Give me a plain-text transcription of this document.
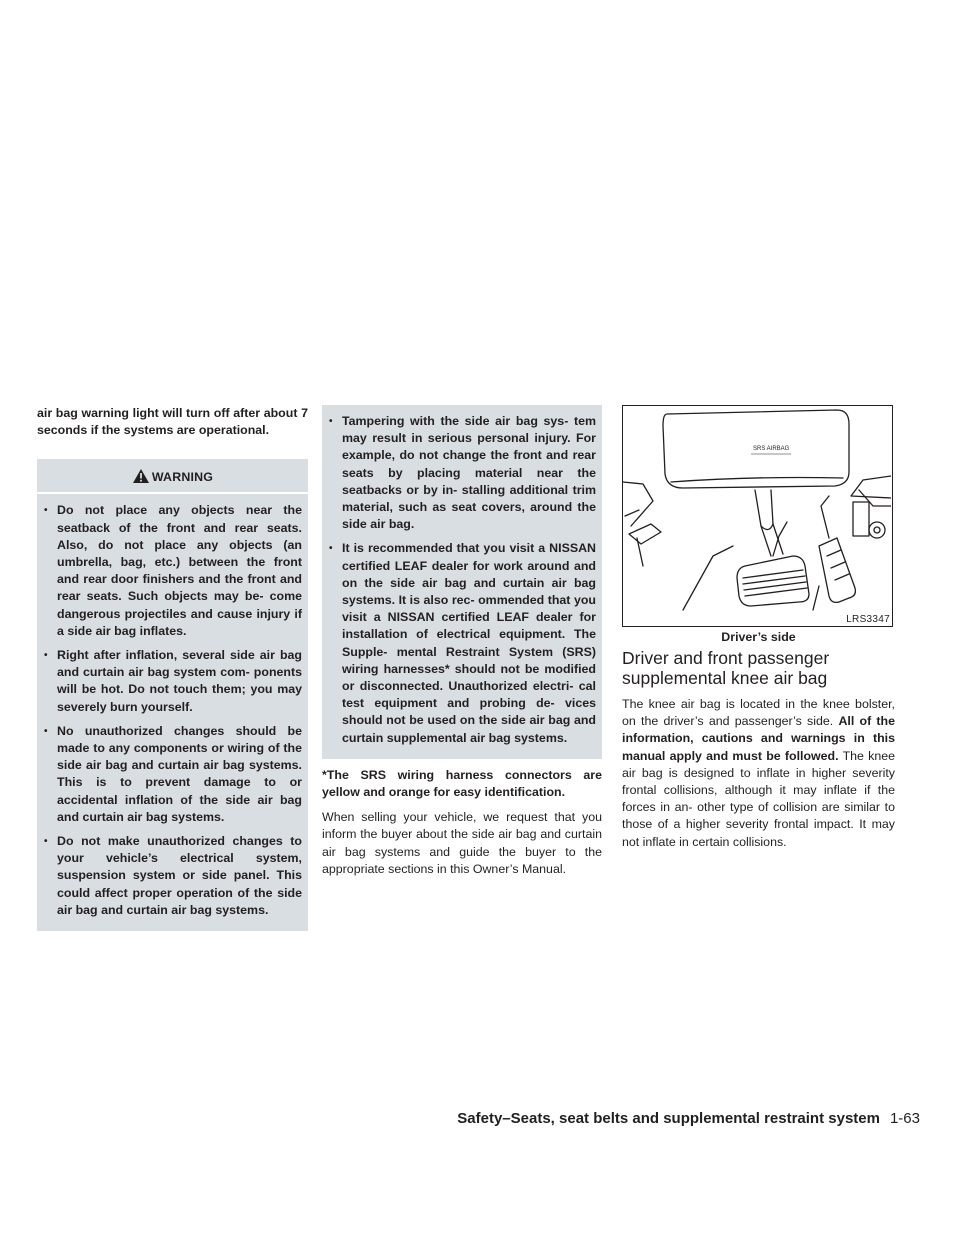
air bag warning light will turn off after about 7 seconds if the systems are operational.

WARNING
• Do not place any objects near the seatback of the front and rear seats. Also, do not place any objects (an umbrella, bag, etc.) between the front and rear door finishers and the front and rear seats. Such objects may be- come dangerous projectiles and cause injury if a side air bag inflates.
• Right after inflation, several side air bag and curtain air bag system com- ponents will be hot. Do not touch them; you may severely burn yourself.
• No unauthorized changes should be made to any components or wiring of the side air bag and curtain air bag systems. This is to prevent damage to or accidental inflation of the side air bag and curtain air bag systems.
• Do not make unauthorized changes to your vehicle’s electrical system, suspension system or side panel. This could affect proper operation of the side air bag and curtain air bag systems.
• Tampering with the side air bag sys- tem may result in serious personal injury. For example, do not change the front and rear seats by placing material near the seatbacks or by in- stalling additional trim material, such as seat covers, around the side air bag.
• It is recommended that you visit a NISSAN certified LEAF dealer for work around and on the side air bag and curtain air bag systems. It is also rec- ommended that you visit a NISSAN certified LEAF dealer for installation of electrical equipment. The Supple- mental Restraint System (SRS) wiring harnesses* should not be modified or disconnected. Unauthorized electri- cal test equipment and probing de- vices should not be used on the side air bag and curtain supplemental air bag systems.

*The SRS wiring harness connectors are yellow and orange for easy identification.

When selling your vehicle, we request that you inform the buyer about the side air bag and curtain air bag systems and guide the buyer to the appropriate sections in this Owner’s Manual.

SRS AIRBAG
LRS3347
Driver’s side
Driver and front passenger supplemental knee air bag

The knee air bag is located in the knee bolster, on the driver’s and passenger’s side. All of the information, cautions and warnings in this manual apply and must be followed. The knee air bag is designed to inflate in higher severity frontal collisions, although it may inflate if the forces in an- other type of collision are similar to those of a higher severity frontal impact. It may not inflate in certain collisions.

Safety–Seats, seat belts and supplemental restraint system 1-63
